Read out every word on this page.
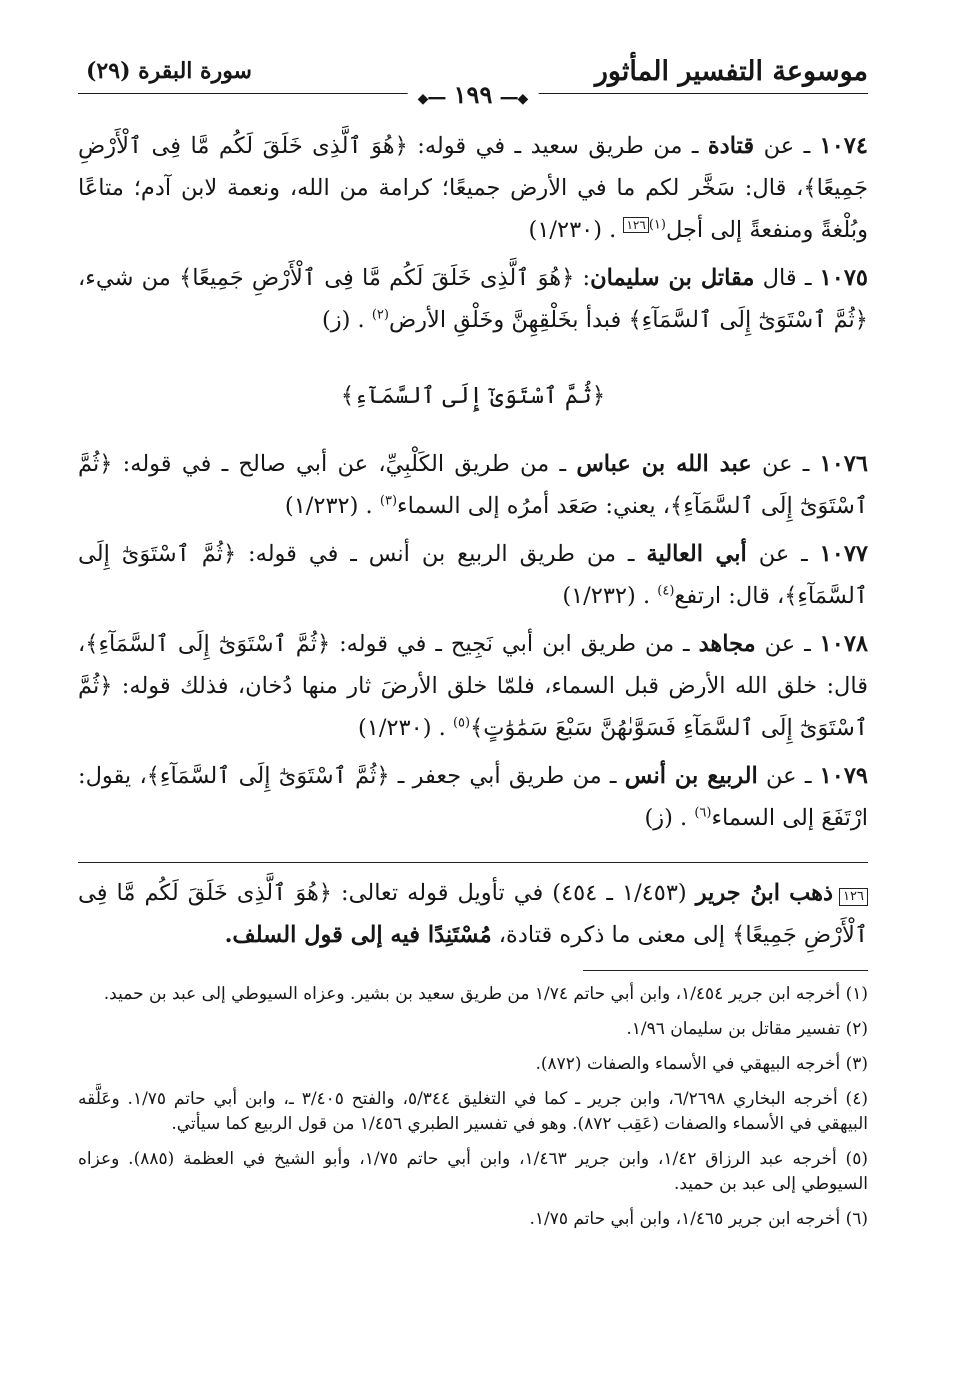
موسوعة التفسير المأثور
سورة البقرة (٢٩)
◆━━ ١٩٩ ━━◆

١٠٧٤ ـ عن قتادة ـ من طريق سعيد ـ في قوله: ﴿هُوَ ٱلَّذِى خَلَقَ لَكُم مَّا فِى ٱلْأَرْضِ جَمِيعًا﴾، قال: سَخَّر لكم ما في الأرض جميعًا؛ كرامة من الله، ونعمة لابن آدم؛ متاعًا وبُلْغةً ومنفعةً إلى أجل$^{(١)}$١٢٦ . (١/٢٣٠)

١٠٧٥ ـ قال مقاتل بن سليمان: ﴿هُوَ ٱلَّذِى خَلَقَ لَكُم مَّا فِى ٱلْأَرْضِ جَمِيعًا﴾ من شيء، ﴿ثُمَّ ٱسْتَوَىٰٓ إِلَى ٱلسَّمَآءِ﴾ فبدأ بخَلْقِهِنَّ وخَلْقِ الأرض$^{(٢)}$ . (ز)

﴿ثُمَّ ٱسْتَوَىٰٓ إِلَى ٱلسَّمَآءِ﴾

١٠٧٦ ـ عن عبد الله بن عباس ـ من طريق الكَلْبِيِّ، عن أبي صالح ـ في قوله: ﴿ثُمَّ ٱسْتَوَىٰٓ إِلَى ٱلسَّمَآءِ﴾، يعني: صَعَد أمرُه إلى السماء$^{(٣)}$ . (١/٢٣٢)

١٠٧٧ ـ عن أبي العالية ـ من طريق الربيع بن أنس ـ في قوله: ﴿ثُمَّ ٱسْتَوَىٰٓ إِلَى ٱلسَّمَآءِ﴾، قال: ارتفع$^{(٤)}$ . (١/٢٣٢)

١٠٧٨ ـ عن مجاهد ـ من طريق ابن أبي نَجِيح ـ في قوله: ﴿ثُمَّ ٱسْتَوَىٰٓ إِلَى ٱلسَّمَآءِ﴾، قال: خلق الله الأرض قبل السماء، فلمّا خلق الأرضَ ثار منها دُخان، فذلك قوله: ﴿ثُمَّ ٱسْتَوَىٰٓ إِلَى ٱلسَّمَآءِ فَسَوَّىٰهُنَّ سَبْعَ سَمَٰوَٰتٍ﴾$^{(٥)}$ . (١/٢٣٠)

١٠٧٩ ـ عن الربيع بن أنس ـ من طريق أبي جعفر ـ ﴿ثُمَّ ٱسْتَوَىٰٓ إِلَى ٱلسَّمَآءِ﴾، يقول: ارْتَفَعَ إلى السماء$^{(٦)}$ . (ز)

١٢٦ذهب ابنُ جرير (١/٤٥٣ ـ ٤٥٤) في تأويل قوله تعالى: ﴿هُوَ ٱلَّذِى خَلَقَ لَكُم مَّا فِى ٱلْأَرْضِ جَمِيعًا﴾ إلى معنى ما ذكره قتادة، مُسْتَنِدًا فيه إلى قول السلف.

(١) أخرجه ابن جرير ١/٤٥٤، وابن أبي حاتم ١/٧٤ من طريق سعيد بن بشير. وعزاه السيوطي إلى عبد بن حميد.

(٢) تفسير مقاتل بن سليمان ١/٩٦.

(٣) أخرجه البيهقي في الأسماء والصفات (٨٧٢).

(٤) أخرجه البخاري ٦/٢٦٩٨، وابن جرير ـ كما في التغليق ٥/٣٤٤، والفتح ٣/٤٠٥ ـ، وابن أبي حاتم ١/٧٥. وعَلَّقه البيهقي في الأسماء والصفات (عَقِب ٨٧٢). وهو في تفسير الطبري ١/٤٥٦ من قول الربيع كما سيأتي.

(٥) أخرجه عبد الرزاق ١/٤٢، وابن جرير ١/٤٦٣، وابن أبي حاتم ١/٧٥، وأبو الشيخ في العظمة (٨٨٥). وعزاه السيوطي إلى عبد بن حميد.

(٦) أخرجه ابن جرير ١/٤٦٥، وابن أبي حاتم ١/٧٥.
